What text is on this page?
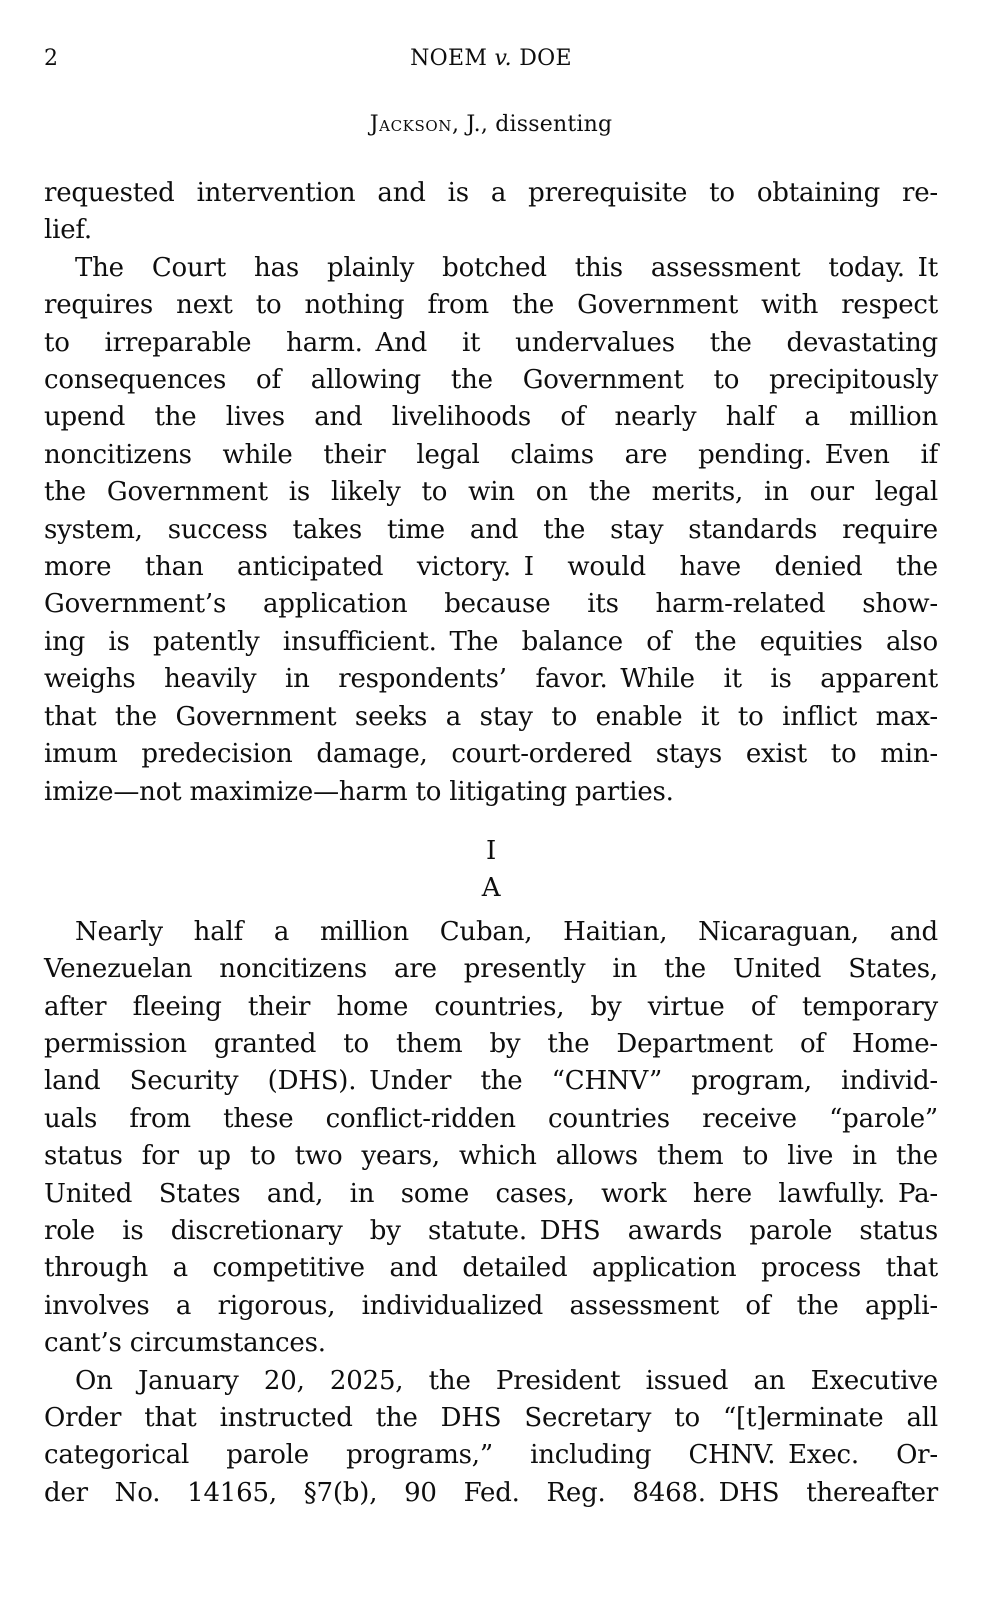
2	NOEM v. DOE
Jackson, J., dissenting
requested intervention and is a prerequisite to obtaining re-
lief.
The Court has plainly botched this assessment today. It
requires next to nothing from the Government with respect
to irreparable harm. And it undervalues the devastating
consequences of allowing the Government to precipitously
upend the lives and livelihoods of nearly half a million
noncitizens while their legal claims are pending. Even if
the Government is likely to win on the merits, in our legal
system, success takes time and the stay standards require
more than anticipated victory. I would have denied the
Government’s application because its harm-related show-
ing is patently insufficient. The balance of the equities also
weighs heavily in respondents’ favor. While it is apparent
that the Government seeks a stay to enable it to inflict max-
imum predecision damage, court-ordered stays exist to min-
imize—not maximize—harm to litigating parties.
I
A
Nearly half a million Cuban, Haitian, Nicaraguan, and
Venezuelan noncitizens are presently in the United States,
after fleeing their home countries, by virtue of temporary
permission granted to them by the Department of Home-
land Security (DHS). Under the “CHNV” program, individ-
uals from these conflict-ridden countries receive “parole”
status for up to two years, which allows them to live in the
United States and, in some cases, work here lawfully. Pa-
role is discretionary by statute. DHS awards parole status
through a competitive and detailed application process that
involves a rigorous, individualized assessment of the appli-
cant’s circumstances.
On January 20, 2025, the President issued an Executive
Order that instructed the DHS Secretary to “[t]erminate all
categorical parole programs,” including CHNV. Exec. Or-
der No. 14165, §7(b), 90 Fed. Reg. 8468. DHS thereafter
